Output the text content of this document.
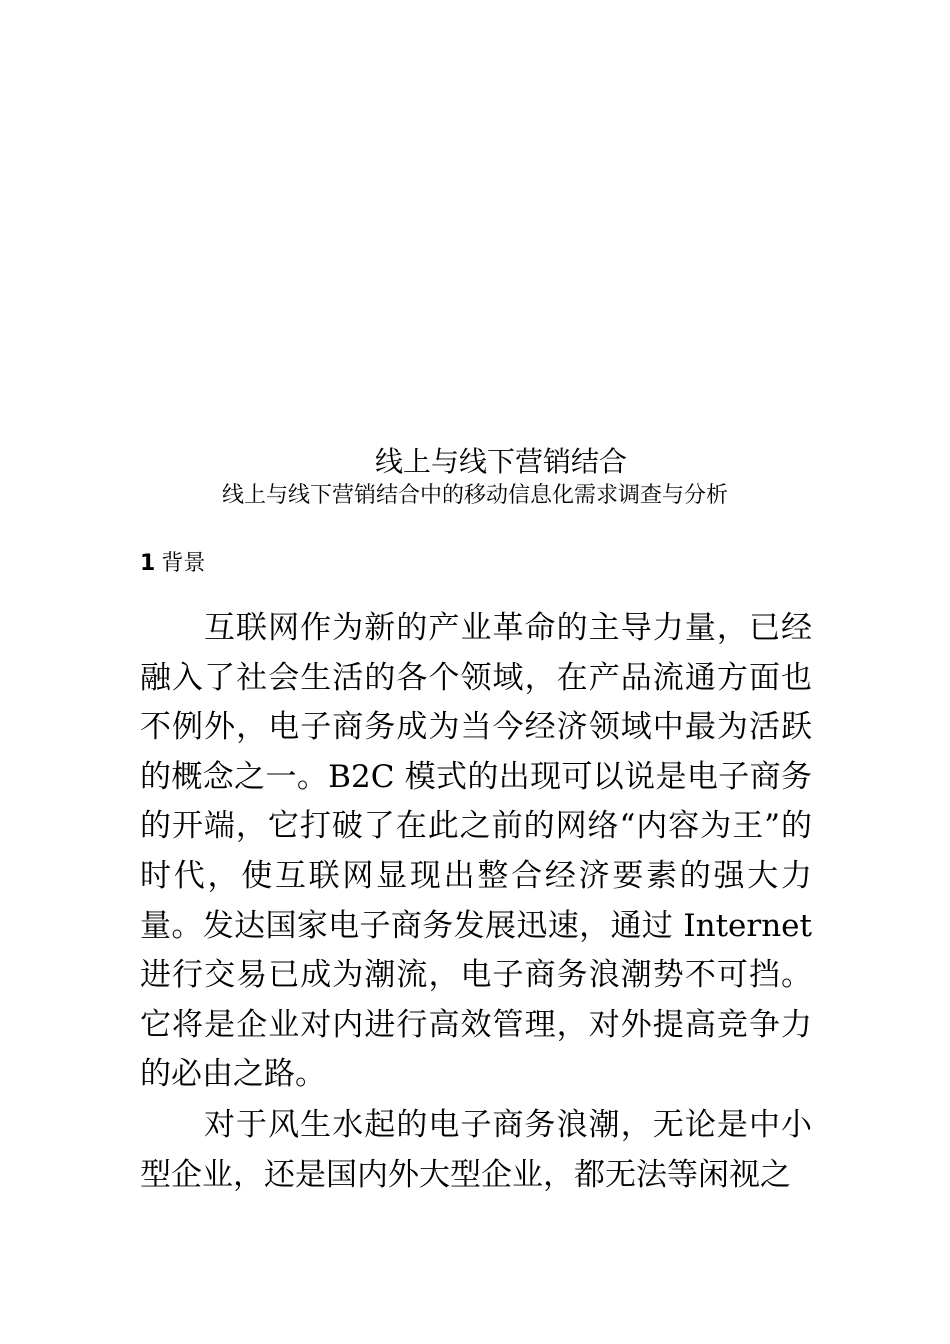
线上与线下营销结合
线上与线下营销结合中的移动信息化需求调查与分析
1 背景

互联网作为新的产业革命的主导力量，已经融入了社会生活的各个领域，在产品流通方面也不例外，电子商务成为当今经济领域中最为活跃的概念之一。B2C 模式的出现可以说是电子商务的开端，它打破了在此之前的网络“内容为王”的时代，使互联网显现出整合经济要素的强大力量。发达国家电子商务发展迅速，通过 Internet 进行交易已成为潮流，电子商务浪潮势不可挡。它将是企业对内进行高效管理，对外提高竞争力的必由之路。

对于风生水起的电子商务浪潮，无论是中小型企业，还是国内外大型企业，都无法等闲视之
